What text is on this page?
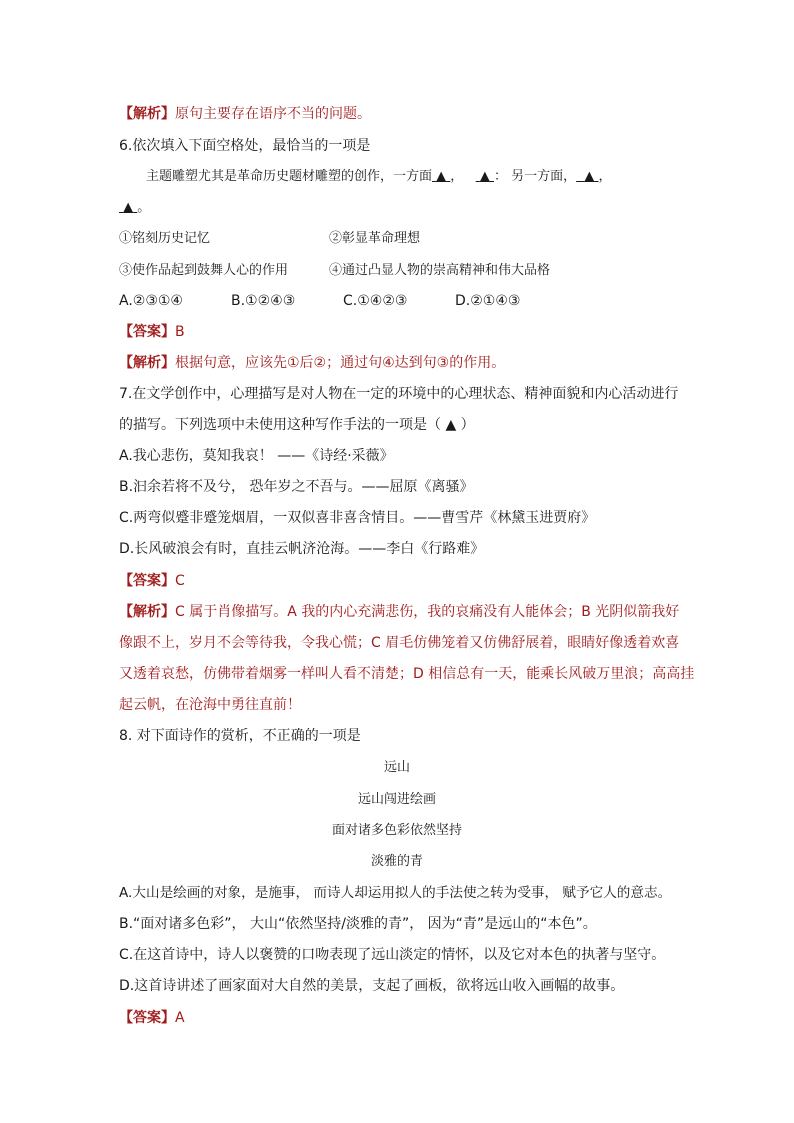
【解析】原句主要存在语序不当的问题。
6.依次填入下面空格处，最恰当的一项是
主题雕塑尤其是革命历史题材雕塑的创作，一方面 ▲ ， ▲ ： 另一方面， ▲ ，
▲ 。
①铭刻历史记忆	②彰显革命理想
③使作品起到鼓舞人心的作用	④通过凸显人物的崇高精神和伟大品格
A.②③①④	B.①②④③	C.①④②③	D.②①④③
【答案】B
【解析】根据句意，应该先①后②；通过句④达到句③的作用。
7.在文学创作中，心理描写是对人物在一定的环境中的心理状态、精神面貌和内心活动进行
的描写。下列选项中未使用这种写作手法的一项是（ ▲ ）
A.我心悲伤，莫知我哀！ ——《诗经·采薇》
B.汩余若将不及兮， 恐年岁之不吾与。——屈原《离骚》
C.两弯似蹙非蹙笼烟眉，一双似喜非喜含情目。——曹雪芹《林黛玉进贾府》
D.长风破浪会有时，直挂云帆济沧海。——李白《行路难》
【答案】C
【解析】C 属于肖像描写。A 我的内心充满悲伤，我的哀痛没有人能体会；B 光阴似箭我好
像跟不上，岁月不会等待我，令我心慌；C 眉毛仿佛笼着又仿佛舒展着，眼睛好像透着欢喜
又透着哀愁，仿佛带着烟雾一样叫人看不清楚；D 相信总有一天，能乘长风破万里浪；高高挂
起云帆，在沧海中勇往直前！
8. 对下面诗作的赏析，不正确的一项是
远山
远山闯进绘画
面对诸多色彩依然坚持
淡雅的青
A.大山是绘画的对象，是施事， 而诗人却运用拟人的手法使之转为受事， 赋予它人的意志。
B.“面对诸多色彩”， 大山“依然坚持/淡雅的青”， 因为“青”是远山的“本色”。
C.在这首诗中，诗人以褒赞的口吻表现了远山淡定的情怀，以及它对本色的执著与坚守。
D.这首诗讲述了画家面对大自然的美景，支起了画板，欲将远山收入画幅的故事。
【答案】A
